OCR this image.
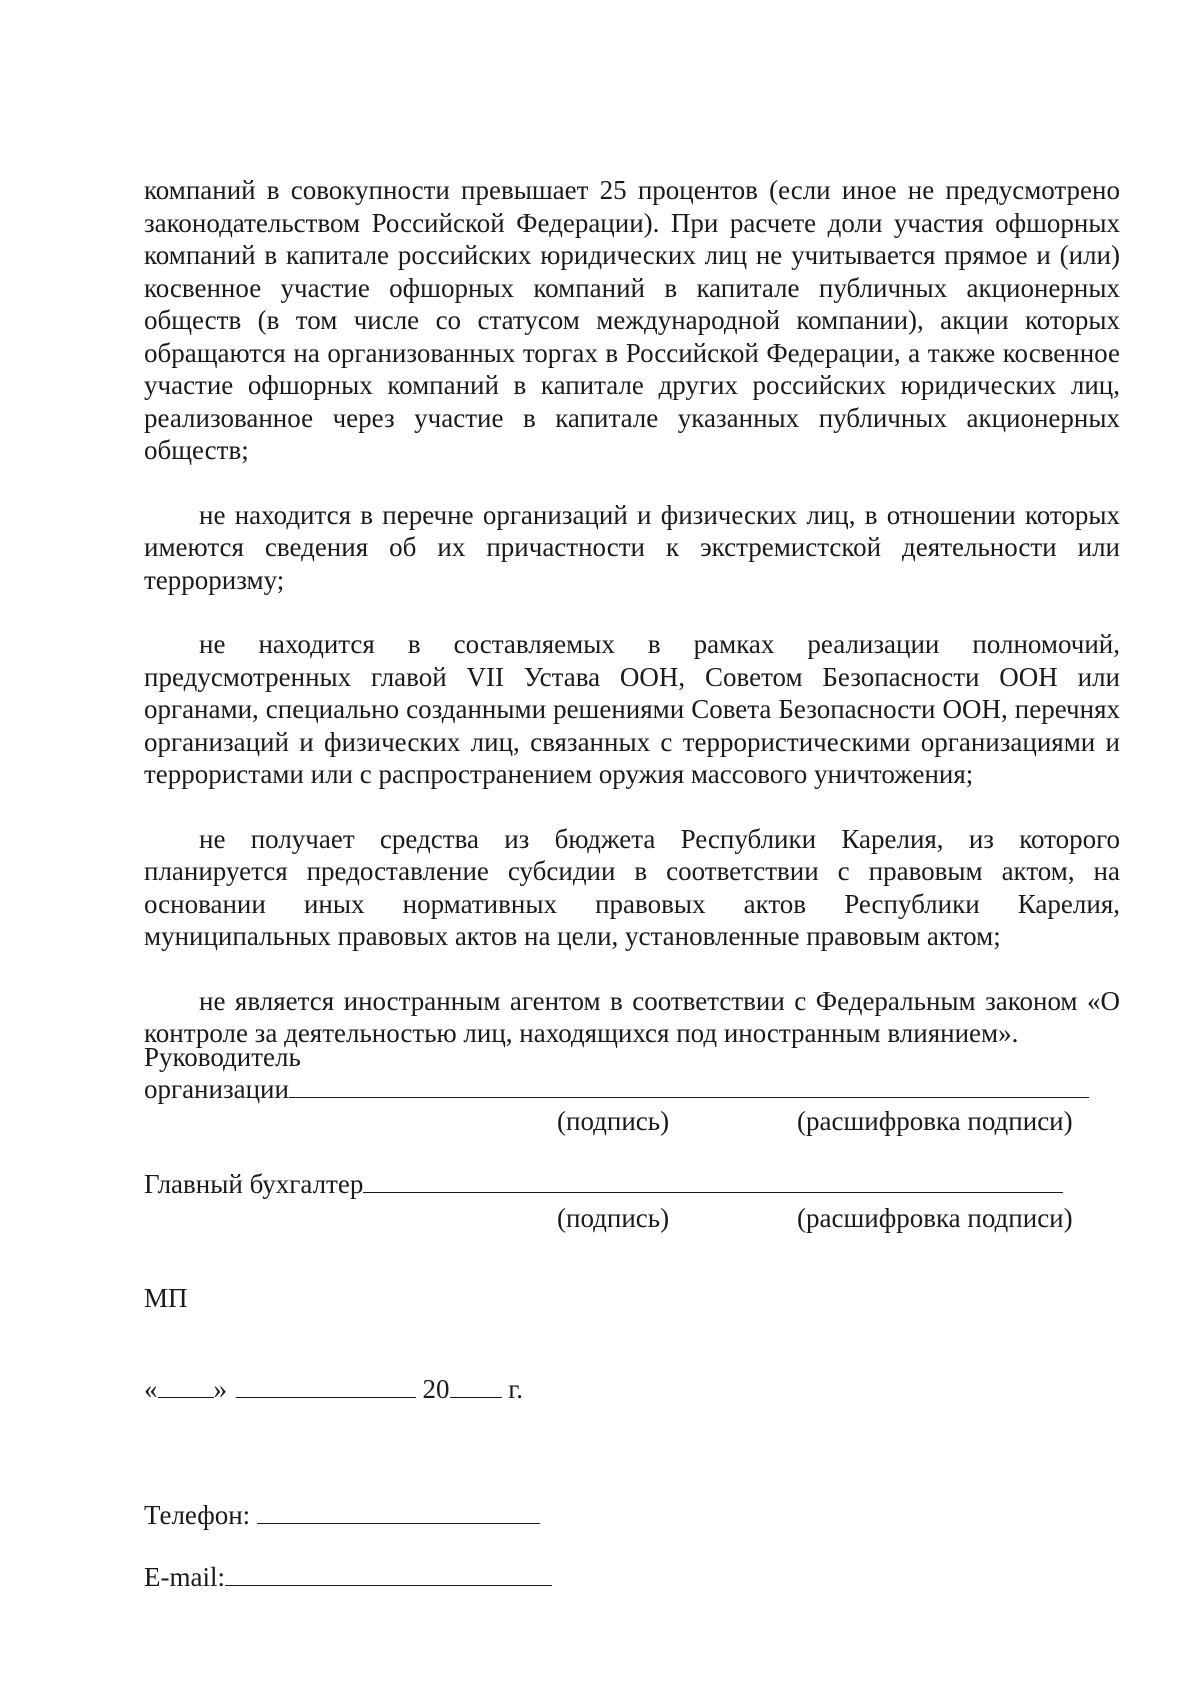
компаний в совокупности превышает 25 процентов (если иное не предусмотрено законодательством Российской Федерации). При расчете доли участия офшорных компаний в капитале российских юридических лиц не учитывается прямое и (или) косвенное участие офшорных компаний в капитале публичных акционерных обществ (в том числе со статусом международной компании), акции которых обращаются на организованных торгах в Российской Федерации, а также косвенное участие офшорных компаний в капитале других российских юридических лиц, реализованное через участие в капитале указанных публичных акционерных обществ;

не находится в перечне организаций и физических лиц, в отношении которых имеются сведения об их причастности к экстремистской деятельности или терроризму;

не находится в составляемых в рамках реализации полномочий, предусмотренных главой VII Устава ООН, Советом Безопасности ООН или органами, специально созданными решениями Совета Безопасности ООН, перечнях организаций и физических лиц, связанных с террористическими организациями и террористами или с распространением оружия массового уничтожения;

не получает средства из бюджета Республики Карелия, из которого планируется предоставление субсидии в соответствии с правовым актом, на основании иных нормативных правовых актов Республики Карелия, муниципальных правовых актов на цели, установленные правовым актом;

не является иностранным агентом в соответствии с Федеральным законом «О контроле за деятельностью лиц, находящихся под иностранным влиянием».

Руководитель
организации
(подпись)	(расшифровка подписи)
Главный бухгалтер
(подпись)	(расшифровка подписи)
МП
« »	20 г.
Телефон:
E-mail:
